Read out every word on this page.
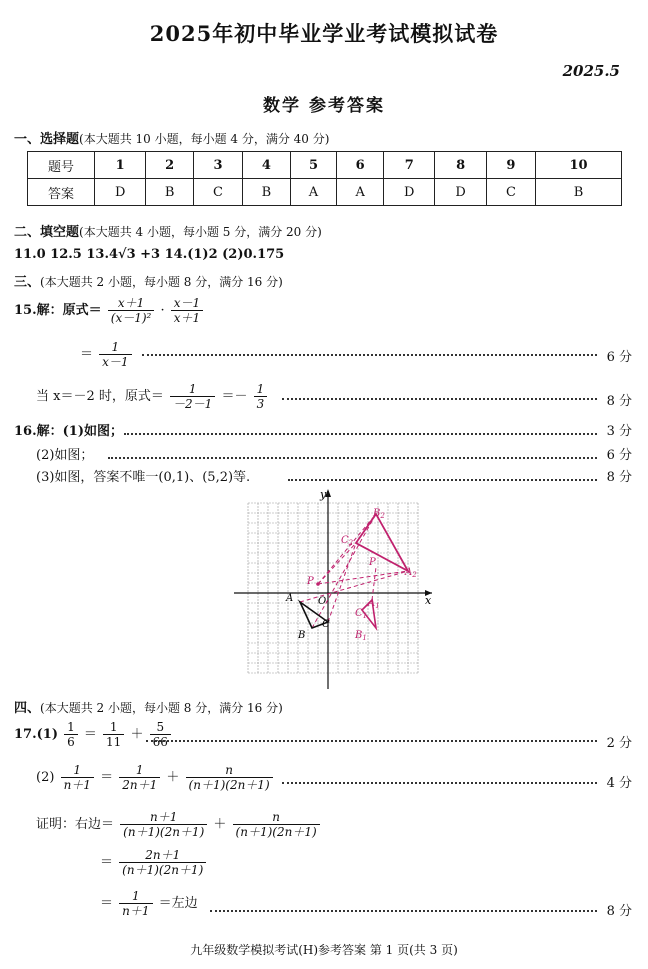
2025年初中毕业学业考试模拟试卷
2025.5
数学 参考答案
一、选择题(本大题共 10 小题，每小题 4 分，满分 40 分)
题号	1	2	3	4	5	6	7	8	9	10
答案	D	B	C	B	A	A	D	D	C	B
二、填空题(本大题共 4 小题，每小题 5 分，满分 20 分)
11.0 12.5 13.4√3 +3 14.(1)2 (2)0.175
三、(本大题共 2 小题，每小题 8 分，满分 16 分)
15.解：原式＝ $\frac{x+1}{\text{(x－1)²}} \cdot \frac{x-1}{x+1}$
＝ $\frac{1}{x-1}$	6 分
当 x＝－2 时，原式＝ $\frac{1}{-2-1} =- \frac{1}{3}$	8 分
16.解：(1)如图；	3 分
(2)如图；	6 分
(3)如图，答案不唯一(0,1)、(5,2)等.	8 分
y
x
O
A
B
C
$A_1$
$C_1$
$B_1$
$B_2$
$C_2$
$A_2$
P
P
四、(本大题共 2 小题，每小题 8 分，满分 16 分)
$17.(1) \frac{1}{6} = \frac{1}{11} + \frac{5}{66}$	2 分
$(2) \frac{1}{n+1} = \frac{1}{2n+1} + \frac{n}{(n+1)(2n+1)}$	4 分
证明：右边＝ $\frac{n+1}{(n+1)(2n+1)} + \frac{n}{(n+1)(2n+1)}$
＝ $\frac{2n+1}{(n+1)(2n+1)}$
＝ $\frac{1}{n+1}$ ＝左边
8 分
九年级数学模拟考试(H)参考答案 第 1 页(共 3 页)
